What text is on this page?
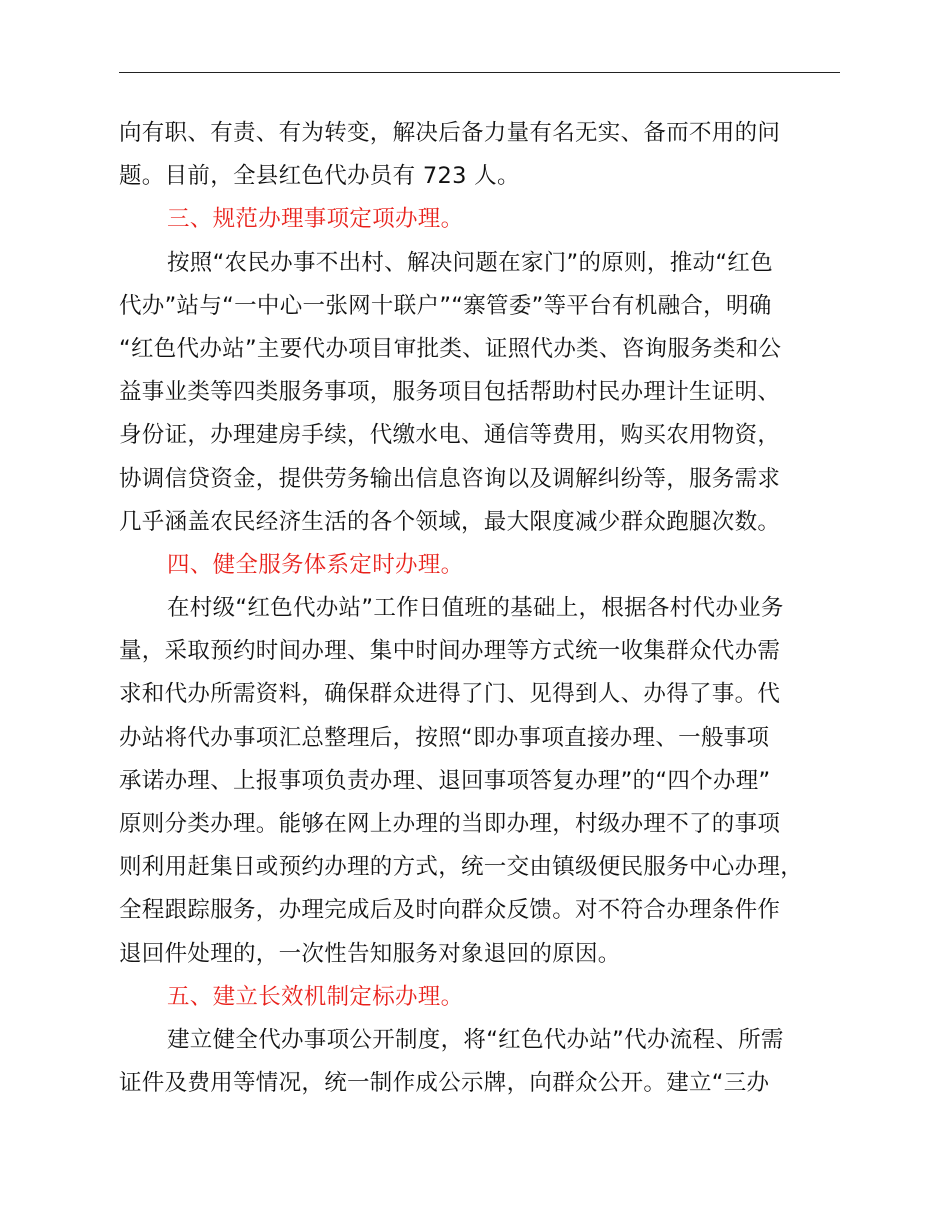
向有职、有责、有为转变，解决后备力量有名无实、备而不用的问
题。目前，全县红色代办员有 723 人。
三、规范办理事项定项办理。
按照“农民办事不出村、解决问题在家门”的原则，推动“红色
代办”站与“一中心一张网十联户”“寨管委”等平台有机融合，明确
“红色代办站”主要代办项目审批类、证照代办类、咨询服务类和公
益事业类等四类服务事项，服务项目包括帮助村民办理计生证明、
身份证，办理建房手续，代缴水电、通信等费用，购买农用物资，
协调信贷资金，提供劳务输出信息咨询以及调解纠纷等，服务需求
几乎涵盖农民经济生活的各个领域，最大限度减少群众跑腿次数。
四、健全服务体系定时办理。
在村级“红色代办站”工作日值班的基础上，根据各村代办业务
量，采取预约时间办理、集中时间办理等方式统一收集群众代办需
求和代办所需资料，确保群众进得了门、见得到人、办得了事。代
办站将代办事项汇总整理后，按照“即办事项直接办理、一般事项
承诺办理、上报事项负责办理、退回事项答复办理”的“四个办理”
原则分类办理。能够在网上办理的当即办理，村级办理不了的事项
则利用赶集日或预约办理的方式，统一交由镇级便民服务中心办理，
全程跟踪服务，办理完成后及时向群众反馈。对不符合办理条件作
退回件处理的，一次性告知服务对象退回的原因。
五、建立长效机制定标办理。
建立健全代办事项公开制度，将“红色代办站”代办流程、所需
证件及费用等情况，统一制作成公示牌，向群众公开。建立“三办
